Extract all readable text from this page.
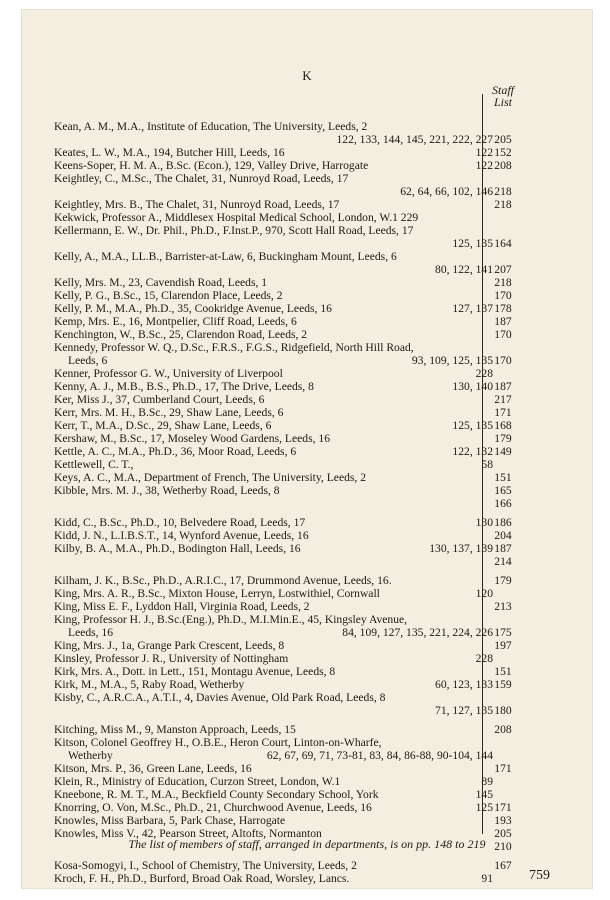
K
Staff
List
Kean, A. M., M.A., Institute of Education, The University, Leeds, 2
122, 133, 144, 145, 221, 222, 227 205
Keates, L. W., M.A., 194, Butcher Hill, Leeds, 16	122 152
Keens-Soper, H. M. A., B.Sc. (Econ.), 129, Valley Drive, Harrogate	122 208
Keightley, C., M.Sc., The Chalet, 31, Nunroyd Road, Leeds, 17
62, 64, 66, 102, 146 218
Keightley, Mrs. B., The Chalet, 31, Nunroyd Road, Leeds, 17	218
Kekwick, Professor A., Middlesex Hospital Medical School, London, W.1 229
Kellermann, E. W., Dr. Phil., Ph.D., F.Inst.P., 970, Scott Hall Road, Leeds, 17
125, 135 164
Kelly, A., M.A., LL.B., Barrister-at-Law, 6, Buckingham Mount, Leeds, 6
80, 122, 141 207
Kelly, Mrs. M., 23, Cavendish Road, Leeds, 1	218
Kelly, P. G., B.Sc., 15, Clarendon Place, Leeds, 2	170
Kelly, P. M., M.A., Ph.D., 35, Cookridge Avenue, Leeds, 16	127, 137 178
Kemp, Mrs. E., 16, Montpelier, Cliff Road, Leeds, 6	187
Kenchington, W., B.Sc., 25, Clarendon Road, Leeds, 2	170
Kennedy, Professor W. Q., D.Sc., F.R.S., F.G.S., Ridgefield, North Hill Road,
Leeds, 6	93, 109, 125, 135 170
Kenner, Professor G. W., University of Liverpool	228
Kenny, A. J., M.B., B.S., Ph.D., 17, The Drive, Leeds, 8	130, 140 187
Ker, Miss J., 37, Cumberland Court, Leeds, 6	217
Kerr, Mrs. M. H., B.Sc., 29, Shaw Lane, Leeds, 6	171
Kerr, T., M.A., D.Sc., 29, Shaw Lane, Leeds, 6	125, 135 168
Kershaw, M., B.Sc., 17, Moseley Wood Gardens, Leeds, 16	179
Kettle, A. C., M.A., Ph.D., 36, Moor Road, Leeds, 6	122, 132 149
Kettlewell, C. T.,	58
Keys, A. C., M.A., Department of French, The University, Leeds, 2	151
Kibble, Mrs. M. J., 38, Wetherby Road, Leeds, 8	165
166
Kidd, C., B.Sc., Ph.D., 10, Belvedere Road, Leeds, 17	130 186
Kidd, J. N., L.I.B.S.T., 14, Wynford Avenue, Leeds, 16	204
Kilby, B. A., M.A., Ph.D., Bodington Hall, Leeds, 16	130, 137, 139 187
214
Kilham, J. K., B.Sc., Ph.D., A.R.I.C., 17, Drummond Avenue, Leeds, 16.	179
King, Mrs. A. R., B.Sc., Mixton House, Lerryn, Lostwithiel, Cornwall	120
King, Miss E. F., Lyddon Hall, Virginia Road, Leeds, 2	213
King, Professor H. J., B.Sc.(Eng.), Ph.D., M.I.Min.E., 45, Kingsley Avenue,
Leeds, 16	84, 109, 127, 135, 221, 224, 226 175
King, Mrs. J., 1a, Grange Park Crescent, Leeds, 8	197
Kinsley, Professor J. R., University of Nottingham	228
Kirk, Mrs. A., Dott. in Lett., 151, Montagu Avenue, Leeds, 8	151
Kirk, M., M.A., 5, Raby Road, Wetherby	60, 123, 133 159
Kisby, C., A.R.C.A., A.T.I., 4, Davies Avenue, Old Park Road, Leeds, 8
71, 127, 135 180
Kitching, Miss M., 9, Manston Approach, Leeds, 15	208
Kitson, Colonel Geoffrey H., O.B.E., Heron Court, Linton-on-Wharfe,
Wetherby	62, 67, 69, 71, 73-81, 83, 84, 86-88, 90-104, 144
Kitson, Mrs. P., 36, Green Lane, Leeds, 16	171
Klein, R., Ministry of Education, Curzon Street, London, W.1	89
Kneebone, R. M. T., M.A., Beckfield County Secondary School, York	145
Knorring, O. Von, M.Sc., Ph.D., 21, Churchwood Avenue, Leeds, 16	125 171
Knowles, Miss Barbara, 5, Park Chase, Harrogate	193
Knowles, Miss V., 42, Pearson Street, Altofts, Normanton	205
210
Kosa-Somogyi, I., School of Chemistry, The University, Leeds, 2	167
Kroch, F. H., Ph.D., Burford, Broad Oak Road, Worsley, Lancs.	91
The list of members of staff, arranged in departments, is on pp. 148 to 219
759
